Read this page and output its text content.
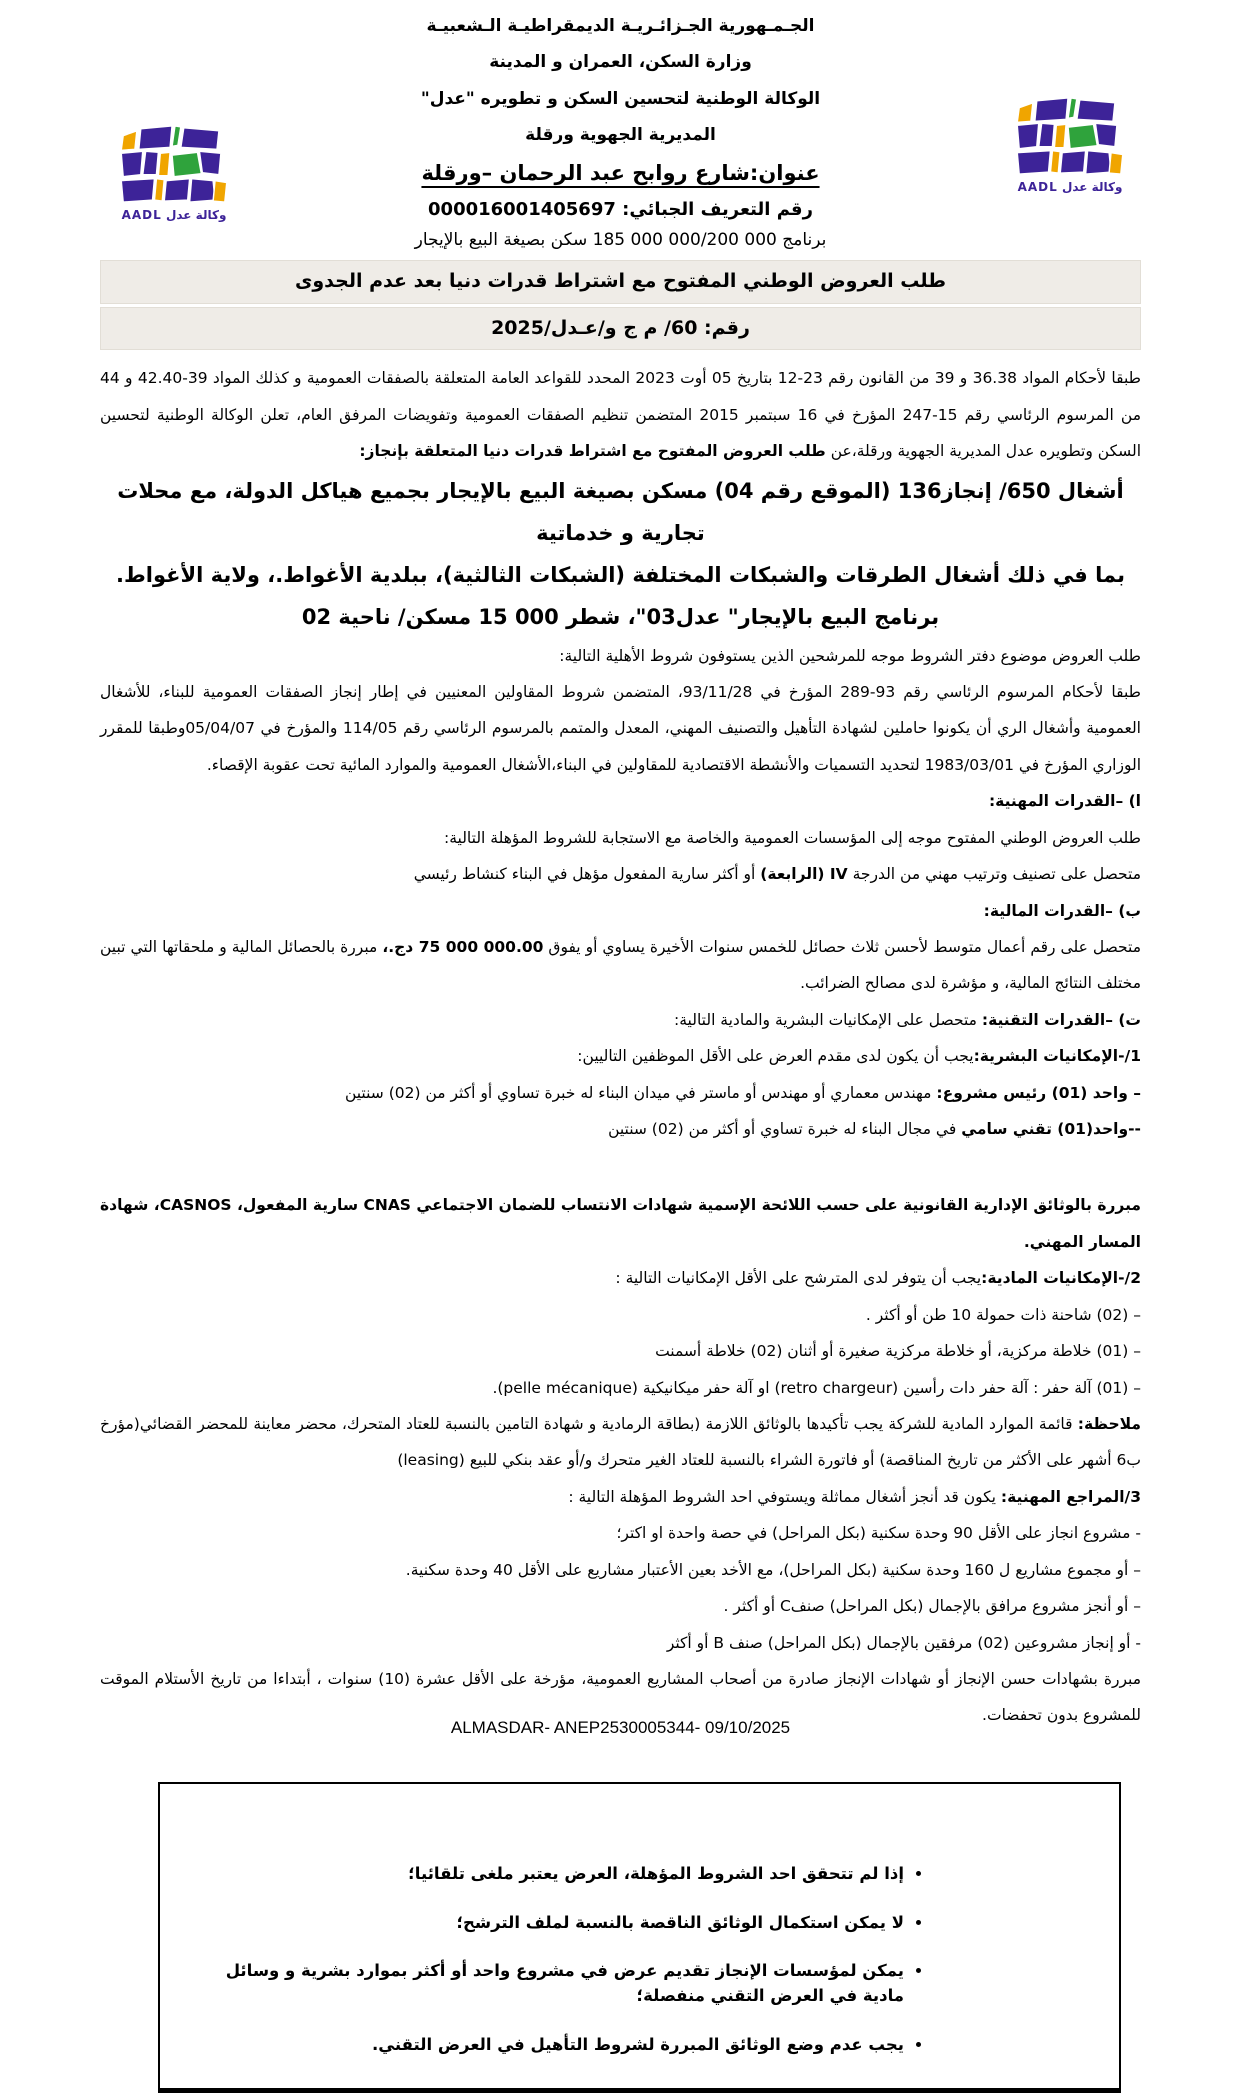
وكالة عدل AADL
وكالة عدل AADL

الجـمـهورية الجـزائـريـة الديمقراطيـة الـشعبيـة

وزارة السكن، العمران و المدينة

الوكالة الوطنية لتحسين السكن و تطويره "عدل"

المديرية الجهوية ورقلة

عنوان:شارع روابح عبد الرحمان –ورقلة

رقم التعريف الجبائي: 000016001405697

برنامج 000 000/200 000 185 سكن بصيغة البيع بالإيجار

طلب العروض الوطني المفتوح مع اشتراط قدرات دنيا بعد عدم الجدوى
رقم: 60/ م ج و/عـدل/2025

طبقا لأحكام المواد 36.38 و 39 من القانون رقم 23-12 بتاريخ 05 أوت 2023 المحدد للقواعد العامة المتعلقة بالصفقات العمومية و كذلك المواد 39-42.40 و 44 من المرسوم الرئاسي رقم 15-247 المؤرخ في 16 سبتمبر 2015 المتضمن تنظيم الصفقات العمومية وتفويضات المرفق العام، تعلن الوكالة الوطنية لتحسين السكن وتطويره عدل المديرية الجهوية ورقلة،عن طلب العروض المفتوح مع اشتراط قدرات دنيا المتعلقة بإنجاز:

أشغال 650/ إنجاز136 (الموقع رقم 04) مسكن بصيغة البيع بالإيجار بجميع هياكل الدولة، مع محلات تجارية و خدماتية

بما في ذلك أشغال الطرقات والشبكات المختلفة (الشبكات الثالثية)، ببلدية الأغواط.، ولاية الأغواط.

برنامج البيع بالإيجار" عدل03"، شطر 000 15 مسكن/ ناحية 02

طلب العروض موضوع دفتر الشروط موجه للمرشحين الذين يستوفون شروط الأهلية التالية:

طبقا لأحكام المرسوم الرئاسي رقم 93-289 المؤرخ في 93/11/28، المتضمن شروط المقاولين المعنيين في إطار إنجاز الصفقات العمومية للبناء، للأشغال العمومية وأشغال الري أن يكونوا حاملين لشهادة التأهيل والتصنيف المهني، المعدل والمتمم بالمرسوم الرئاسي رقم 114/05 والمؤرخ في 05/04/07وطبقا للمقرر الوزاري المؤرخ في 1983/03/01 لتحديد التسميات والأنشطة الاقتصادية للمقاولين في البناء،الأشغال العمومية والموارد المائية تحت عقوبة الإقصاء.

ا) –القدرات المهنية:

طلب العروض الوطني المفتوح موجه إلى المؤسسات العمومية والخاصة مع الاستجابة للشروط المؤهلة التالية:

متحصل على تصنيف وترتيب مهني من الدرجة IV (الرابعة) أو أكثر سارية المفعول مؤهل في البناء كنشاط رئيسي

ب) –القدرات المالية:

متحصل على رقم أعمال متوسط لأحسن ثلاث حصائل للخمس سنوات الأخيرة يساوي أو يفوق 000.00 000 75 دج.، مبررة بالحصائل المالية و ملحقاتها التي تبين مختلف النتائج المالية، و مؤشرة لدى مصالح الضرائب.

ت) –القدرات التقنية: متحصل على الإمكانيات البشرية والمادية التالية:

1/-الإمكانيات البشرية:يجب أن يكون لدى مقدم العرض على الأقل الموظفين التاليين:

– واحد (01) رئيس مشروع: مهندس معماري أو مهندس أو ماستر في ميدان البناء له خبرة تساوي أو أكثر من (02) سنتين

--واحد(01) تقني سامي في مجال البناء له خبرة تساوي أو أكثر من (02) سنتين

مبررة بالوثائق الإدارية القانونية على حسب اللائحة الإسمية شهادات الانتساب للضمان الاجتماعي CNAS سارية المفعول، CASNOS، شهادة المسار المهني.

2/-الإمكانيات المادية:يجب أن يتوفر لدى المترشح على الأقل الإمكانيات التالية :

– (02) شاحنة ذات حمولة 10 طن أو أكثر .

– (01) خلاطة مركزية، أو خلاطة مركزية صغيرة أو أثنان (02) خلاطة أسمنت

– (01) آلة حفر : آلة حفر دات رأسين (retro chargeur) او آلة حفر ميكانيكية (pelle mécanique).

ملاحظة: قائمة الموارد المادية للشركة يجب تأكيدها بالوثائق اللازمة (بطاقة الرمادية و شهادة التامين بالنسبة للعتاد المتحرك، محضر معاينة للمحضر القضائي(مؤرخ ب6 أشهر على الأكثر من تاريخ المناقصة) أو فاتورة الشراء بالنسبة للعتاد الغير متحرك و/أو عقد بنكي للبيع (leasing)

3/المراجع المهنية: يكون قد أنجز أشغال مماثلة ويستوفي احد الشروط المؤهلة التالية :

- مشروع انجاز على الأقل 90 وحدة سكنية (بكل المراحل) في حصة واحدة او اكتر؛

– أو مجموع مشاريع ل 160 وحدة سكنية (بكل المراحل)، مع الأخد بعين الأعتبار مشاريع على الأقل 40 وحدة سكنية.

– أو أنجز مشروع مرافق بالإجمال (بكل المراحل) صنفC أو أكثر .

- أو إنجاز مشروعين (02) مرفقين بالإجمال (بكل المراحل) صنف B أو أكثر

مبررة بشهادات حسن الإنجاز أو شهادات الإنجاز صادرة من أصحاب المشاريع العمومية، مؤرخة على الأقل عشرة (10) سنوات ، أبتداءا من تاريخ الأستلام الموقت للمشروع بدون تحفضات.

• إذا لم تتحقق احد الشروط المؤهلة، العرض يعتبر ملغى تلقائيا؛
• لا يمكن استكمال الوثائق الناقصة بالنسبة لملف الترشح؛
• يمكن لمؤسسات الإنجاز تقديم عرض في مشروع واحد أو أكثر بموارد بشرية و وسائل مادية في العرض التقني منفصلة؛
• يجب عدم وضع الوثائق المبررة لشروط التأهيل في العرض التقني.
ALMASDAR- ANEP2530005344- 09/10/2025
